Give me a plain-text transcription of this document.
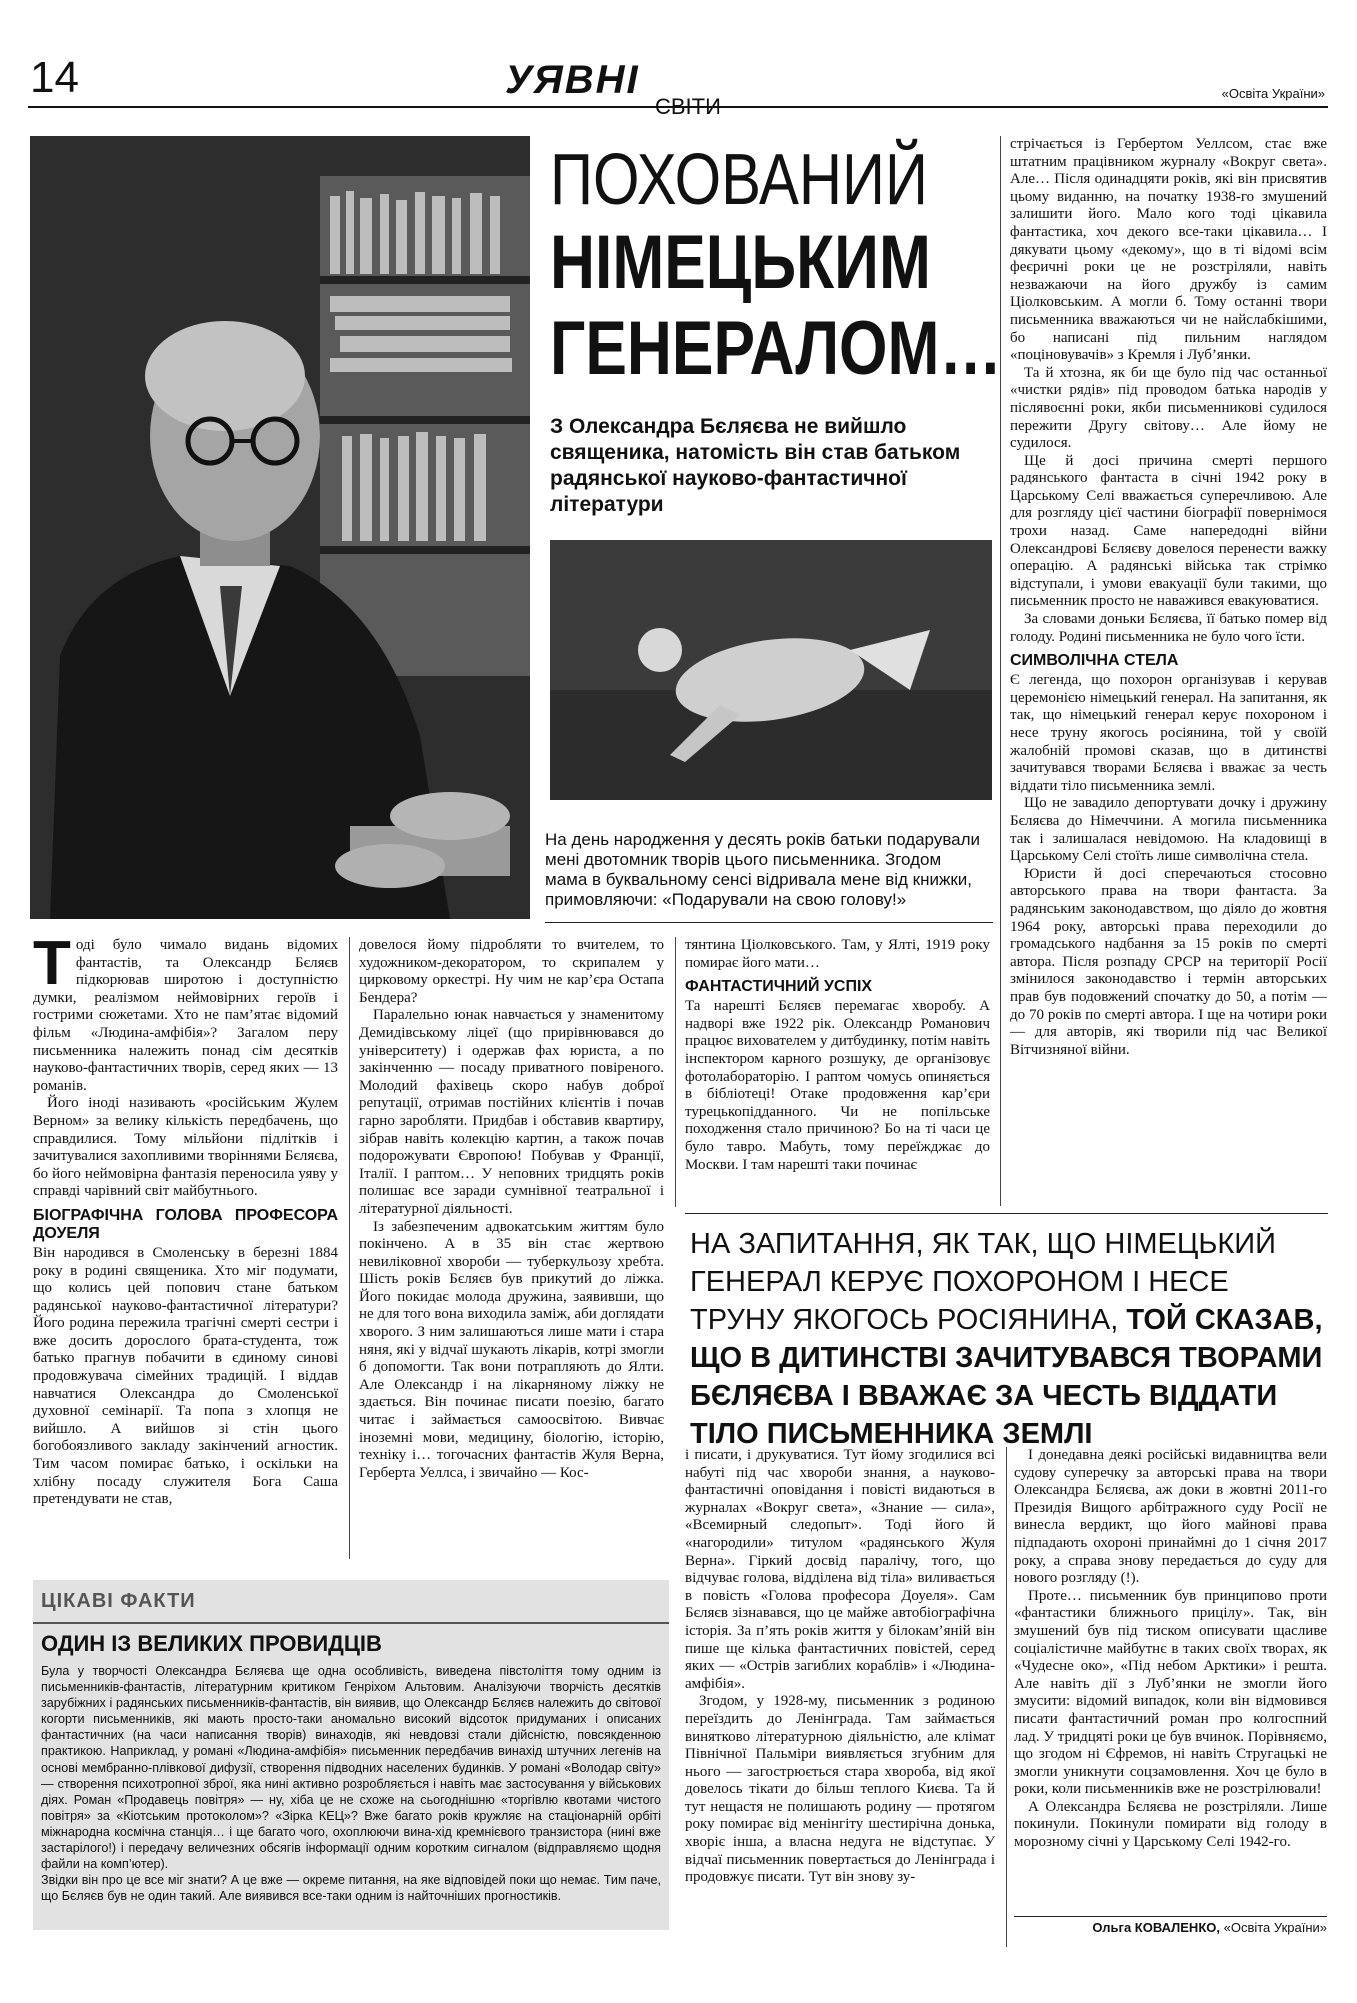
14	УЯВНІ
СВІТИ
«Освіта України»
ПОХОВАНИЙ
НІМЕЦЬКИМ
ГЕНЕРАЛОМ…
З Олександра Бєляєва не вийшло священика, натомість він став батьком радянської науково-фантастичної літератури
На день народження у десять років батьки подарували мені двотомник творів цього письменника. Згодом мама в буквальному сенсі відривала мене від книжки, примовляючи: «Подарували на свою голову!»

Тоді було чимало видань відомих фантастів, та Олександр Бєляєв підкорював широтою і доступністю думки, реалізмом неймовірних героїв і гострими сюжетами. Хто не пам’ятає відомий фільм «Людина-амфібія»? Загалом перу письменника належить понад сім десятків науково-фантастичних творів, серед яких — 13 романів.

Його іноді називають «російським Жулем Верном» за велику кількість передбачень, що справдилися. Тому мільйони підлітків і зачитувалися захопливими творіннями Бєляєва, бо його неймовірна фантазія переносила уяву у справді чарівний світ майбутнього.

БІОГРАФІЧНА ГОЛОВА ПРОФЕСОРА ДОУЕЛЯ

Він народився в Смоленську в березні 1884 року в родині священика. Хто міг подумати, що колись цей попович стане батьком радянської науково-фантастичної літератури? Його родина пережила трагічні смерті сестри і вже досить дорослого брата-студента, тож батько прагнув побачити в єдиному синові продовжувача сімейних традицій. І віддав навчатися Олександра до Смоленської духовної семінарії. Та попа з хлопця не вийшло. А вийшов зі стін цього богобоязливого закладу закінчений агностик. Тим часом помирає батько, і оскільки на хлібну посаду служителя Бога Саша претендувати не став,

довелося йому підробляти то вчителем, то художником-декоратором, то скрипалем у цирковому оркестрі. Ну чим не кар’єра Остапа Бендера?

Паралельно юнак навчається у знаменитому Демидівському ліцеї (що прирівнювався до університету) і одержав фах юриста, а по закінченню — посаду приватного повіреного. Молодий фахівець скоро набув доброї репутації, отримав постійних клієнтів і почав гарно заробляти. Придбав і обставив квартиру, зібрав навіть колекцію картин, а також почав подорожувати Європою! Побував у Франції, Італії. І раптом… У неповних тридцять років полишає все заради сумнівної театральної і літературної діяльності.

Із забезпеченим адвокатським життям було покінчено. А в 35 він стає жертвою невиліковної хвороби — туберкульозу хребта. Шість років Бєляєв був прикутий до ліжка. Його покидає молода дружина, заявивши, що не для того вона виходила заміж, аби доглядати хворого. З ним залишаються лише мати і стара няня, які у відчаї шукають лікарів, котрі змогли б допомогти. Так вони потрапляють до Ялти. Але Олександр і на лікарняному ліжку не здається. Він починає писати поезію, багато читає і займається самоосвітою. Вивчає іноземні мови, медицину, біологію, історію, техніку і… тогочасних фантастів Жуля Верна, Герберта Уеллса, і звичайно — Кос-

тянтина Ціолковського. Там, у Ялті, 1919 року помирає його мати…

ФАНТАСТИЧНИЙ УСПІХ

Та нарешті Бєляєв перемагає хворобу. А надворі вже 1922 рік. Олександр Романович працює вихователем у дитбудинку, потім навіть інспектором карного розшуку, де організовує фотолабораторію. І раптом чомусь опиняється в бібліотеці! Отаке продовження кар’єри турецькопідданного. Чи не попільське походження стало причиною? Бо на ті часи це було тавро. Мабуть, тому переїжджає до Москви. І там нарешті таки починає

стрічається із Гербертом Уеллсом, стає вже штатним працівником журналу «Вокруг света». Але… Після одинадцяти років, які він присвятив цьому виданню, на початку 1938-го змушений залишити його. Мало кого тоді цікавила фантастика, хоч декого все-таки цікавила… І дякувати цьому «декому», що в ті відомі всім феєричні роки це не розстріляли, навіть незважаючи на його дружбу із самим Ціолковським. А могли б. Тому останні твори письменника вважаються чи не найслабкішими, бо написані під пильним наглядом «поціновувачів» з Кремля і Луб’янки.

Та й хтозна, як би ще було під час останньої «чистки рядів» під проводом батька народів у післявоєнні роки, якби письменникові судилося пережити Другу світову… Але йому не судилося.

Ще й досі причина смерті першого радянського фантаста в січні 1942 року в Царському Селі вважається суперечливою. Але для розгляду цієї частини біографії повернімося трохи назад. Саме напередодні війни Олександрові Бєляєву довелося перенести важку операцію. А радянські війська так стрімко відступали, і умови евакуації були такими, що письменник просто не наважився евакуюватися.

За словами доньки Бєляєва, її батько помер від голоду. Родині письменника не було чого їсти.

СИМВОЛІЧНА СТЕЛА

Є легенда, що похорон організував і керував церемонією німецький генерал. На запитання, як так, що німецький генерал керує похороном і несе труну якогось росіянина, той у своїй жалобній промові сказав, що в дитинстві зачитувався творами Бєляєва і вважає за честь віддати тіло письменника землі.

Що не завадило депортувати дочку і дружину Бєляєва до Німеччини. А могила письменника так і залишалася невідомою. На кладовищі в Царському Селі стоїть лише символічна стела.

Юристи й досі сперечаються стосовно авторського права на твори фантаста. За радянським законодавством, що діяло до жовтня 1964 року, авторські права переходили до громадського надбання за 15 років по смерті автора. Після розпаду СРСР на території Росії змінилося законодавство і термін авторських прав був подовжений спочатку до 50, а потім — до 70 років по смерті автора. І ще на чотири роки — для авторів, які творили під час Великої Вітчизняної війни.

НА ЗАПИТАННЯ, ЯК ТАК, ЩО НІМЕЦЬКИЙ ГЕНЕРАЛ КЕРУЄ ПОХОРОНОМ І НЕСЕ ТРУНУ ЯКОГОСЬ РОСІЯНИНА, ТОЙ СКАЗАВ, ЩО В ДИТИНСТВІ ЗАЧИТУВАВСЯ ТВОРАМИ БЄЛЯЄВА І ВВАЖАЄ ЗА ЧЕСТЬ ВІДДАТИ ТІЛО ПИСЬМЕННИКА ЗЕМЛІ

і писати, і друкуватися. Тут йому згодилися всі набуті під час хвороби знання, а науково-фантастичні оповідання і повісті видаються в журналах «Вокруг света», «Знание — сила», «Всемирный следопыт». Тоді його й «нагородили» титулом «радянського Жуля Верна». Гіркий досвід паралічу, того, що відчуває голова, відділена від тіла» виливається в повість «Голова професора Доуеля». Сам Бєляєв зізнавався, що це майже автобіографічна історія. За п’ять років життя у білокам’яній він пише ще кілька фантастичних повістей, серед яких — «Острів загиблих кораблів» і «Людина-амфібія».

Згодом, у 1928-му, письменник з родиною переїздить до Ленінграда. Там займається винятково літературною діяльністю, але клімат Північної Пальміри виявляється згубним для нього — загострюється стара хвороба, від якої довелось тікати до більш теплого Києва. Та й тут нещастя не полишають родину — протягом року помирає від менінгіту шестирічна донька, хворіє інша, а власна недуга не відступає. У відчаї письменник повертається до Ленінграда і продовжує писати. Тут він знову зу-

І донедавна деякі російські видавництва вели судову суперечку за авторські права на твори Олександра Бєляєва, аж доки в жовтні 2011-го Президія Вищого арбітражного суду Росії не винесла вердикт, що його майнові права підпадають охороні принаймні до 1 січня 2017 року, а справа знову передається до суду для нового розгляду (!).

Проте… письменник був принципово проти «фантастики ближнього прицілу». Так, він змушений був під тиском описувати щасливе соціалістичне майбутнє в таких своїх творах, як «Чудесне око», «Під небом Арктики» і решта. Але навіть дії з Луб’янки не змогли його змусити: відомий випадок, коли він відмовився писати фантастичний роман про колгоспний лад. У тридцяті роки це був вчинок. Порівняємо, що згодом ні Єфремов, ні навіть Стругацькі не змогли уникнути соцзамовлення. Хоч це було в роки, коли письменників вже не розстрілювали!

А Олександра Бєляєва не розстріляли. Лише покинули. Покинули помирати від голоду в морозному січні у Царському Селі 1942-го.

Ольга КОВАЛЕНКО, «Освіта України»
ЦІКАВІ ФАКТИ
ОДИН ІЗ ВЕЛИКИХ ПРОВИДЦІВ

Була у творчості Олександра Бєляєва ще одна особливість, виведена півстоліття тому одним із письменників-фантастів, літературним критиком Генріхом Альтовим. Аналізуючи творчість десятків зарубіжних і радянських письменників-фантастів, він виявив, що Олександр Бєляєв належить до світової когорти письменників, які мають просто-таки аномально високий відсоток придуманих і описаних фантастичних (на часи написання творів) винаходів, які невдовзі стали дійсністю, повсякденною практикою. Наприклад, у романі «Людина-амфібія» письменник передбачив винахід штучних легенів на основі мембранно-плівкової дифузії, створення підводних населених будинків. У романі «Володар світу» — створення психотропної зброї, яка нині активно розробляється і навіть має застосування у військових діях. Роман «Продавець повітря» — ну, хіба це не схоже на сьогоднішню «торгівлю квотами чистого повітря» за «Кіотським протоколом»? «Зірка КЕЦ»? Вже багато років кружляє на стаціонарній орбіті міжнародна космічна станція… і ще багато чого, охоплюючи вина-хід кремнієвого транзистора (нині вже застарілого!) і передачу величезних обсягів інформації одним коротким сигналом (відправляємо щодня файли на комп’ютер).

Звідки він про це все міг знати? А це вже — окреме питання, на яке відповідей поки що немає. Тим паче, що Бєляєв був не один такий. Але виявився все-таки одним із найточніших прогностиків.
